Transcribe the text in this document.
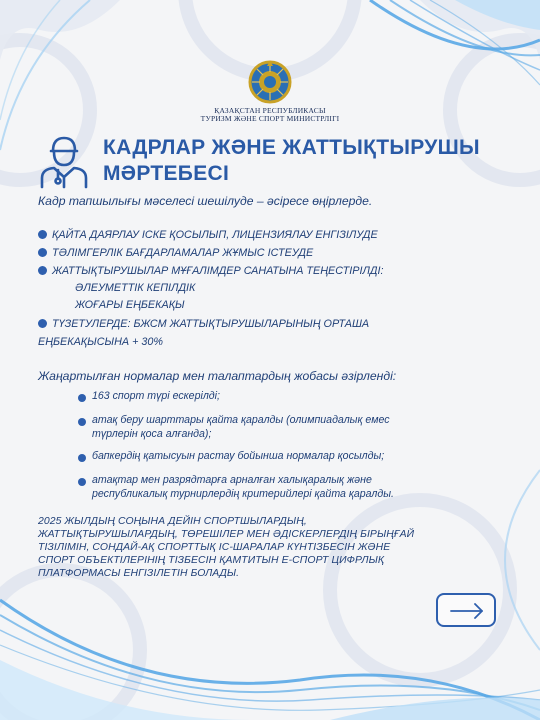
ҚАЗАҚСТАН РЕСПУБЛИКАСЫ
ТУРИЗМ ЖӘНЕ СПОРТ МИНИСТРЛІГІ
КАДРЛАР ЖӘНЕ ЖАТТЫҚТЫРУШЫ
МӘРТЕБЕСІ
Кадр тапшылығы мәселесі шешілуде – әсіресе өңірлерде.
ҚАЙТА ДАЯРЛАУ ІСКЕ ҚОСЫЛЫП, ЛИЦЕНЗИЯЛАУ ЕНГІЗІЛУДЕ
ТӘЛІМГЕРЛІК БАҒДАРЛАМАЛАР ЖҰМЫС ІСТЕУДЕ
ЖАТТЫҚТЫРУШЫЛАР МҰҒАЛІМДЕР САНАТЫНА ТЕҢЕСТІРІЛДІ:
ӘЛЕУМЕТТІК КЕПІЛДІК
ЖОҒАРЫ ЕҢБЕКАҚЫ
ТҮЗЕТУЛЕРДЕ: БЖСМ ЖАТТЫҚТЫРУШЫЛАРЫНЫҢ ОРТАША
ЕҢБЕКАҚЫСЫНА + 30%
Жаңартылған нормалар мен талаптардың жобасы әзірленді:
163 спорт түрі ескерілді;
атақ беру шарттары қайта қаралды (олимпиадалық емес
түрлерін қоса алғанда);
бапкердің қатысуын растау бойынша нормалар қосылды;
атақтар мен разрядтарға арналған халықаралық және
республикалық турнирлердің критерийлері қайта қаралды.
2025 ЖЫЛДЫҢ СОҢЫНА ДЕЙІН СПОРТШЫЛАРДЫҢ,
ЖАТТЫҚТЫРУШЫЛАРДЫҢ, ТӨРЕШІЛЕР МЕН ӘДІСКЕРЛЕРДІҢ БІРЫҢҒАЙ
ТІЗІЛІМІН, СОНДАЙ-АҚ СПОРТТЫҚ ІС-ШАРАЛАР КҮНТІЗБЕСІН ЖӘНЕ
СПОРТ ОБЪЕКТІЛЕРІНІҢ ТІЗБЕСІН ҚАМТИТЫН Е-СПОРТ ЦИФРЛЫҚ
ПЛАТФОРМАСЫ ЕНГІЗІЛЕТІН БОЛАДЫ.
